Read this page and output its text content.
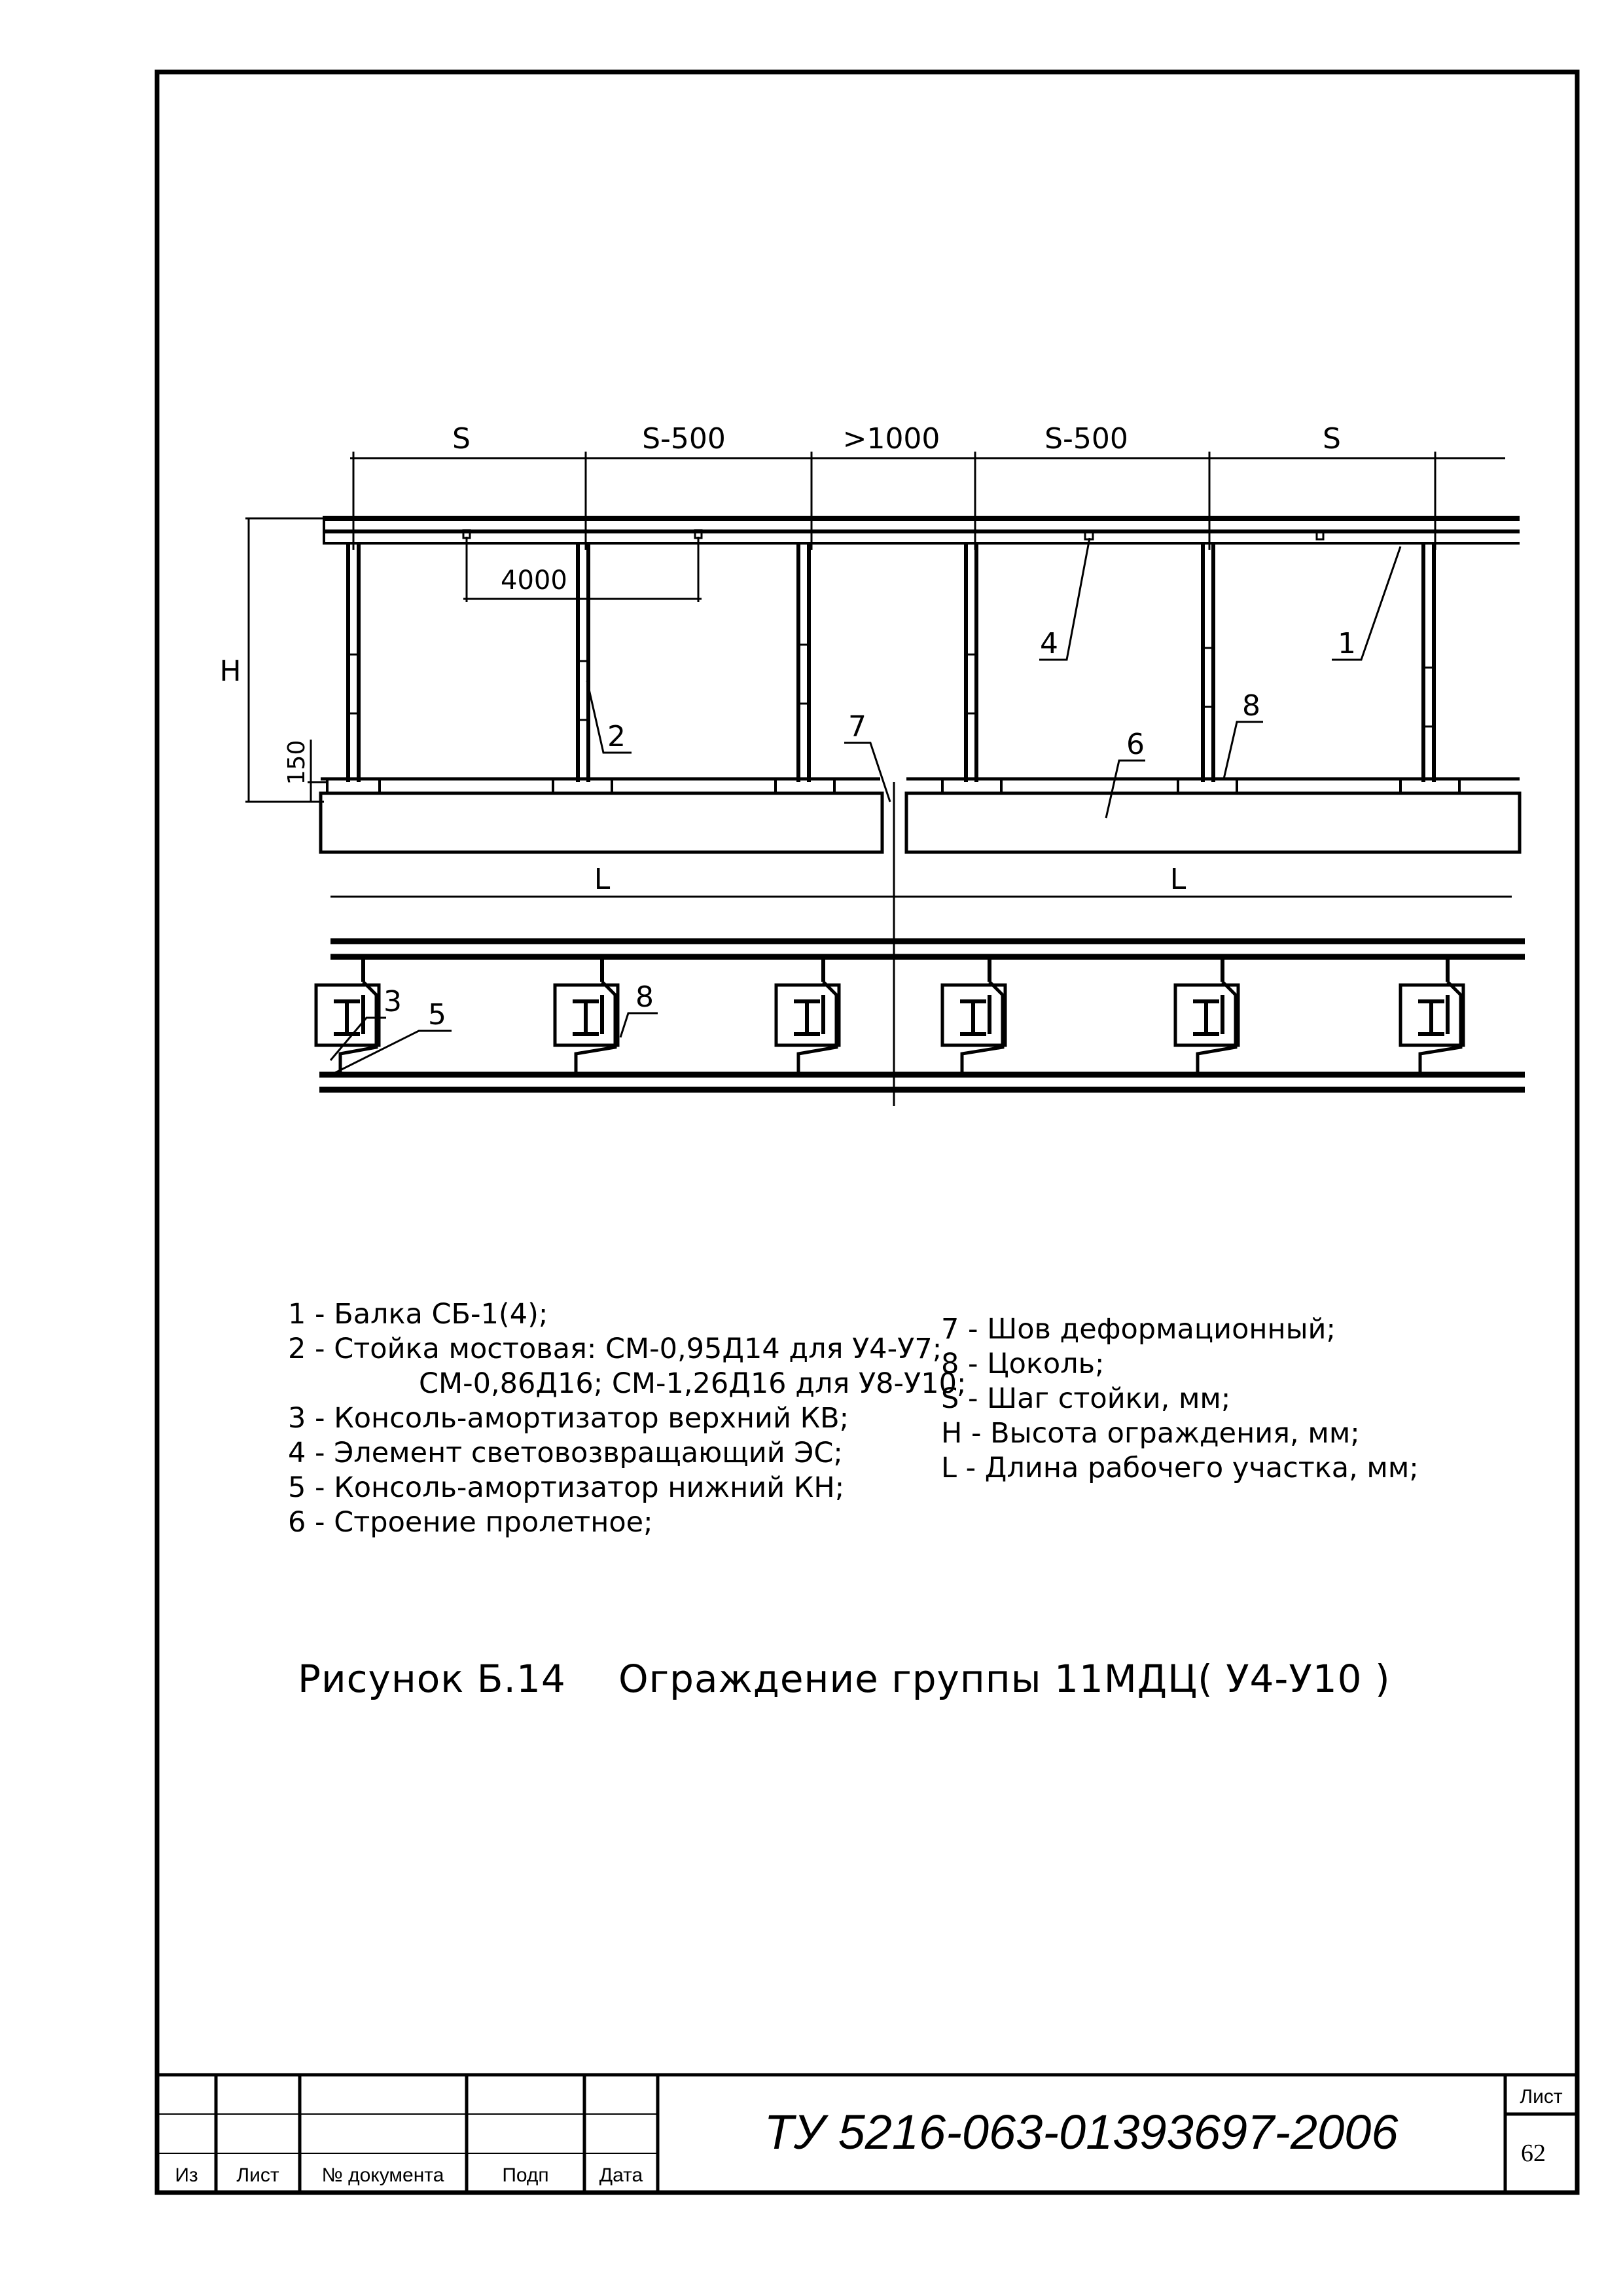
S	S-500	>1000	S-500	S
4000
H
150
L	L
1
2
4
6
7
8
3 5
8
1 - Балка СБ-1(4);
2 - Стойка мостовая: СМ-0,95Д14 для У4-У7;
СМ-0,86Д16; СМ-1,26Д16 для У8-У10;
3 - Консоль-амортизатор верхний КВ;
4 - Элемент световозвращающий ЭС;
5 - Консоль-амортизатор нижний КН;
6 - Строение пролетное;
7 - Шов деформационный;
8 - Цоколь;
S - Шаг стойки, мм;
H - Высота ограждения, мм;
L - Длина рабочего участка, мм;
Рисунок Б.14 Ограждение группы 11МДЦ( У4-У10 )
Из Лист № документа	Подп	Дата
ТУ 5216-063-01393697-2006
Лист
62
